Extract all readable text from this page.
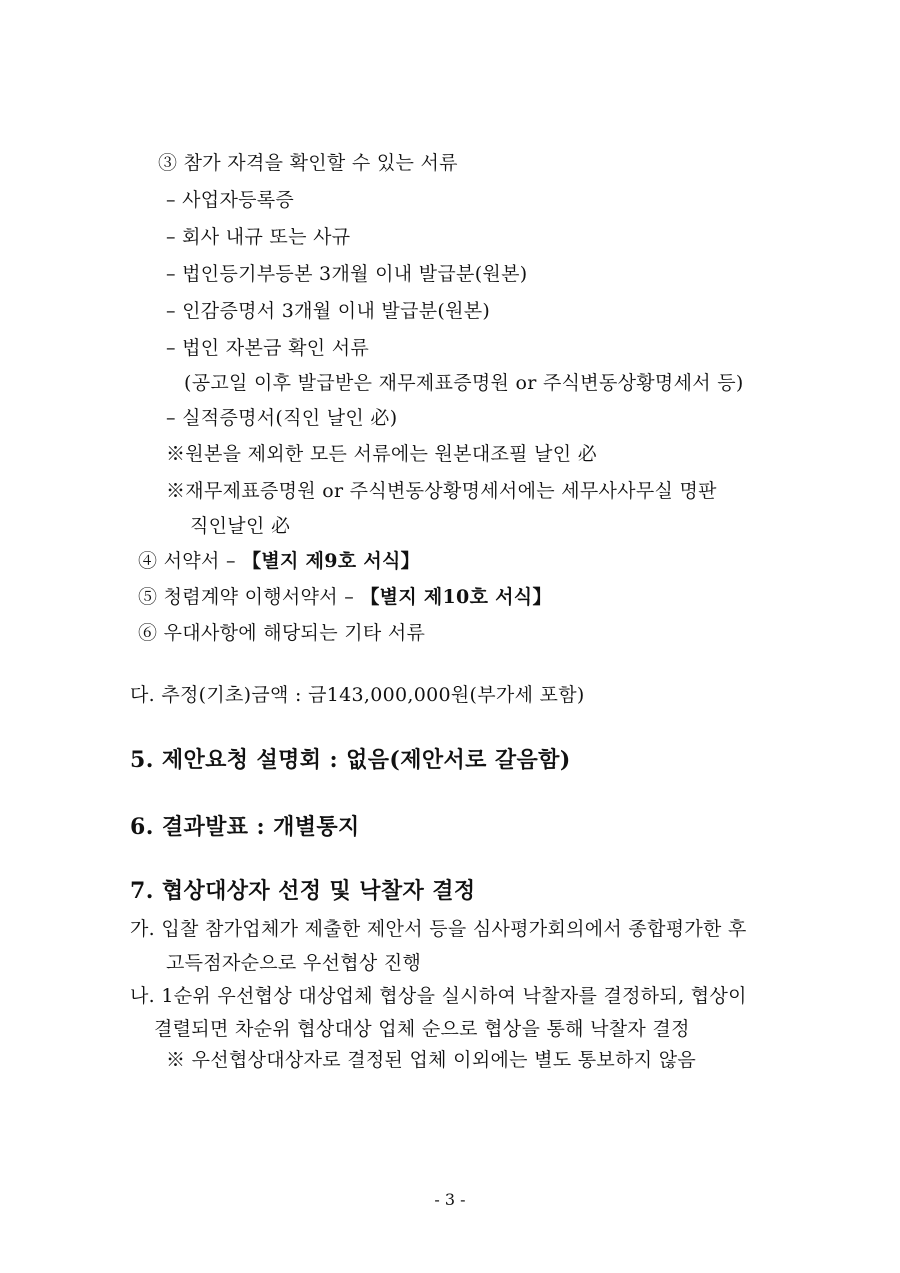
③ 참가 자격을 확인할 수 있는 서류
– 사업자등록증
– 회사 내규 또는 사규
– 법인등기부등본 3개월 이내 발급분(원본)
– 인감증명서 3개월 이내 발급분(원본)
– 법인 자본금 확인 서류
(공고일 이후 발급받은 재무제표증명원 or 주식변동상황명세서 등)
– 실적증명서(직인 날인 必)
※원본을 제외한 모든 서류에는 원본대조필 날인 必
※재무제표증명원 or 주식변동상황명세서에는 세무사사무실 명판
직인날인 必
④ 서약서 – 【별지 제9호 서식】
⑤ 청렴계약 이행서약서 – 【별지 제10호 서식】
⑥ 우대사항에 해당되는 기타 서류
다. 추정(기초)금액 : 금143,000,000원(부가세 포함)
5. 제안요청 설명회 : 없음(제안서로 갈음함)
6. 결과발표 : 개별통지
7. 협상대상자 선정 및 낙찰자 결정
가. 입찰 참가업체가 제출한 제안서 등을 심사평가회의에서 종합평가한 후
고득점자순으로 우선협상 진행
나. 1순위 우선협상 대상업체 협상을 실시하여 낙찰자를 결정하되, 협상이
결렬되면 차순위 협상대상 업체 순으로 협상을 통해 낙찰자 결정
※ 우선협상대상자로 결정된 업체 이외에는 별도 통보하지 않음
- 3 -
